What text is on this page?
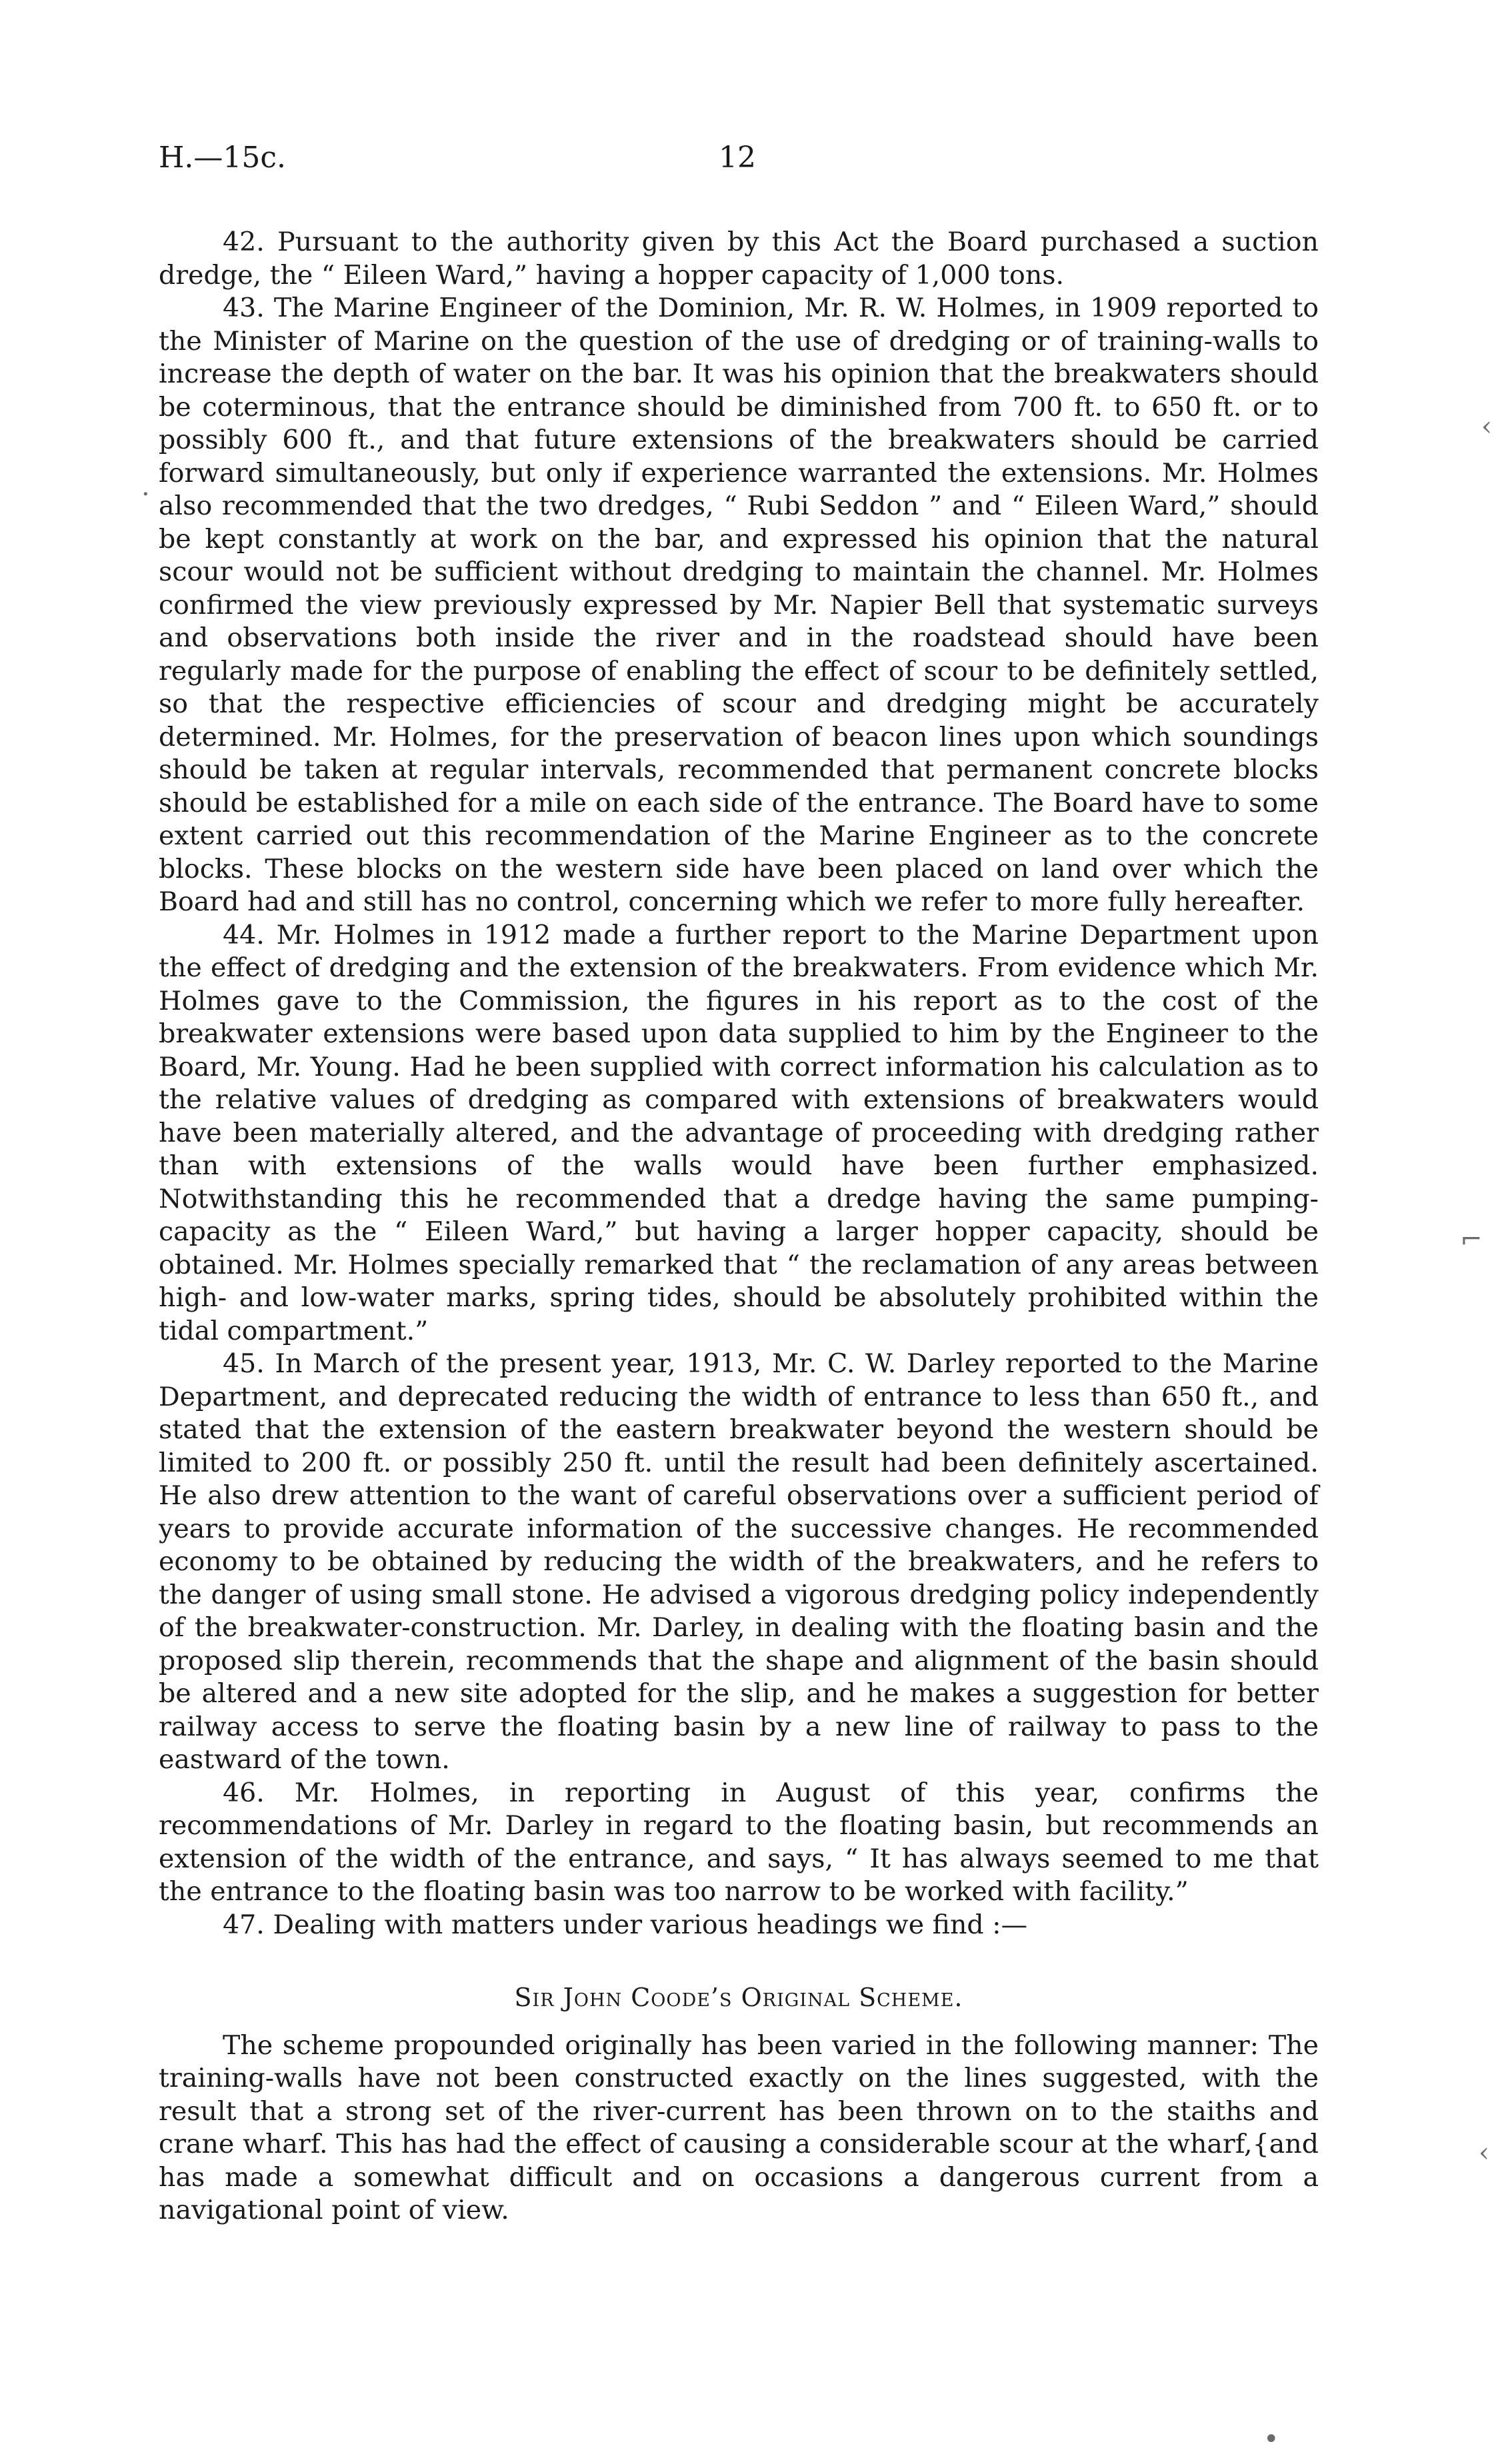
H.—15c.	12

42. Pursuant to the authority given by this Act the Board purchased a suction dredge, the “ Eileen Ward,” having a hopper capacity of 1,000 tons.

43. The Marine Engineer of the Dominion, Mr. R. W. Holmes, in 1909 reported to the Minister of Marine on the question of the use of dredging or of training-walls to increase the depth of water on the bar. It was his opinion that the breakwaters should be coterminous, that the entrance should be diminished from 700 ft. to 650 ft. or to possibly 600 ft., and that future extensions of the breakwaters should be carried forward simultaneously, but only if experience warranted the extensions. Mr. Holmes also recommended that the two dredges, “ Rubi Seddon ” and “ Eileen Ward,” should be kept constantly at work on the bar, and expressed his opinion that the natural scour would not be sufficient without dredging to maintain the channel. Mr. Holmes confirmed the view previously expressed by Mr. Napier Bell that systematic surveys and observations both inside the river and in the roadstead should have been regularly made for the purpose of enabling the effect of scour to be definitely settled, so that the respective efficiencies of scour and dredging might be accurately determined. Mr. Holmes, for the preservation of beacon lines upon which soundings should be taken at regular intervals, recommended that permanent concrete blocks should be established for a mile on each side of the entrance. The Board have to some extent carried out this recommendation of the Marine Engineer as to the concrete blocks. These blocks on the western side have been placed on land over which the Board had and still has no control, concerning which we refer to more fully hereafter.

44. Mr. Holmes in 1912 made a further report to the Marine Department upon the effect of dredging and the extension of the breakwaters. From evidence which Mr. Holmes gave to the Commission, the figures in his report as to the cost of the breakwater extensions were based upon data supplied to him by the Engineer to the Board, Mr. Young. Had he been supplied with correct information his calculation as to the relative values of dredging as compared with extensions of breakwaters would have been materially altered, and the advantage of proceeding with dredging rather than with extensions of the walls would have been further emphasized. Notwithstanding this he recommended that a dredge having the same pumping-capacity as the “ Eileen Ward,” but having a larger hopper capacity, should be obtained. Mr. Holmes specially remarked that “ the reclamation of any areas between high- and low-water marks, spring tides, should be absolutely prohibited within the tidal compartment.”

45. In March of the present year, 1913, Mr. C. W. Darley reported to the Marine Department, and deprecated reducing the width of entrance to less than 650 ft., and stated that the extension of the eastern breakwater beyond the western should be limited to 200 ft. or possibly 250 ft. until the result had been definitely ascertained. He also drew attention to the want of careful observations over a sufficient period of years to provide accurate information of the successive changes. He recommended economy to be obtained by reducing the width of the breakwaters, and he refers to the danger of using small stone. He advised a vigorous dredging policy independently of the breakwater-construction. Mr. Darley, in dealing with the floating basin and the proposed slip therein, recommends that the shape and alignment of the basin should be altered and a new site adopted for the slip, and he makes a suggestion for better railway access to serve the floating basin by a new line of railway to pass to the eastward of the town.

46. Mr. Holmes, in reporting in August of this year, confirms the recommendations of Mr. Darley in regard to the floating basin, but recommends an extension of the width of the entrance, and says, “ It has always seemed to me that the entrance to the floating basin was too narrow to be worked with facility.”

47. Dealing with matters under various headings we find :—

Sir John Coode’s Original Scheme.

The scheme propounded originally has been varied in the following manner: The training-walls have not been constructed exactly on the lines suggested, with the result that a strong set of the river-current has been thrown on to the staiths and crane wharf. This has had the effect of causing a considerable scour at the wharf,{and has made a somewhat difficult and on occasions a dangerous current from a navigational point of view.

·
‹
⌐
‹
•
